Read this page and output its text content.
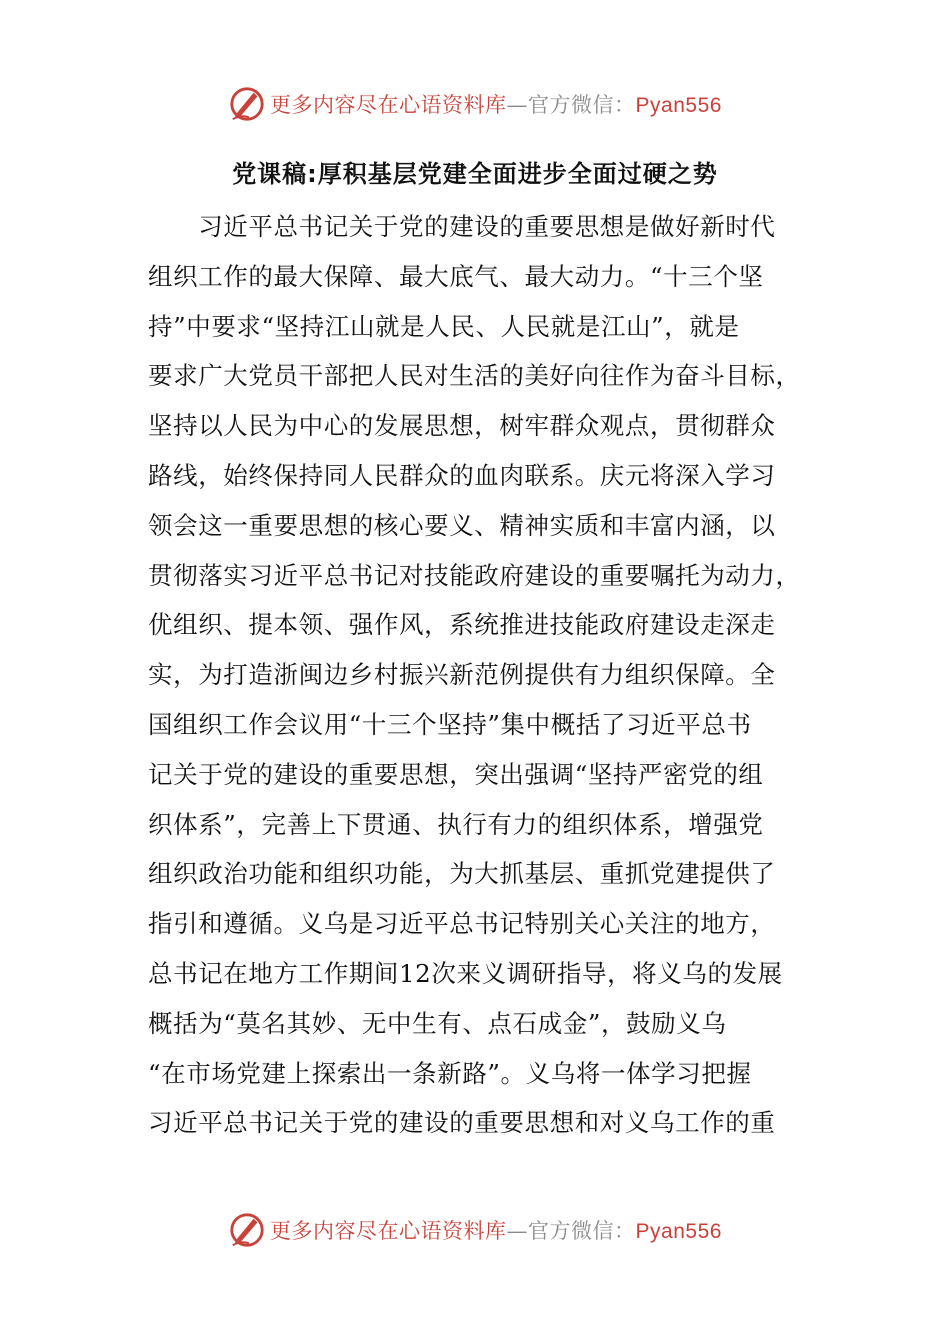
更多内容尽在心语资料库—官方微信：Pyan556
党课稿:厚积基层党建全面进步全面过硬之势
　　习近平总书记关于党的建设的重要思想是做好新时代
组织工作的最大保障、最大底气、最大动力。“十三个坚
持”中要求“坚持江山就是人民、人民就是江山”，就是
要求广大党员干部把人民对生活的美好向往作为奋斗目标，
坚持以人民为中心的发展思想，树牢群众观点，贯彻群众
路线，始终保持同人民群众的血肉联系。庆元将深入学习
领会这一重要思想的核心要义、精神实质和丰富内涵，以
贯彻落实习近平总书记对技能政府建设的重要嘱托为动力，
优组织、提本领、强作风，系统推进技能政府建设走深走
实，为打造浙闽边乡村振兴新范例提供有力组织保障。全
国组织工作会议用“十三个坚持”集中概括了习近平总书
记关于党的建设的重要思想，突出强调“坚持严密党的组
织体系”，完善上下贯通、执行有力的组织体系，增强党
组织政治功能和组织功能，为大抓基层、重抓党建提供了
指引和遵循。义乌是习近平总书记特别关心关注的地方，
总书记在地方工作期间12次来义调研指导，将义乌的发展
概括为“莫名其妙、无中生有、点石成金”，鼓励义乌
“在市场党建上探索出一条新路”。义乌将一体学习把握
习近平总书记关于党的建设的重要思想和对义乌工作的重
更多内容尽在心语资料库—官方微信：Pyan556
